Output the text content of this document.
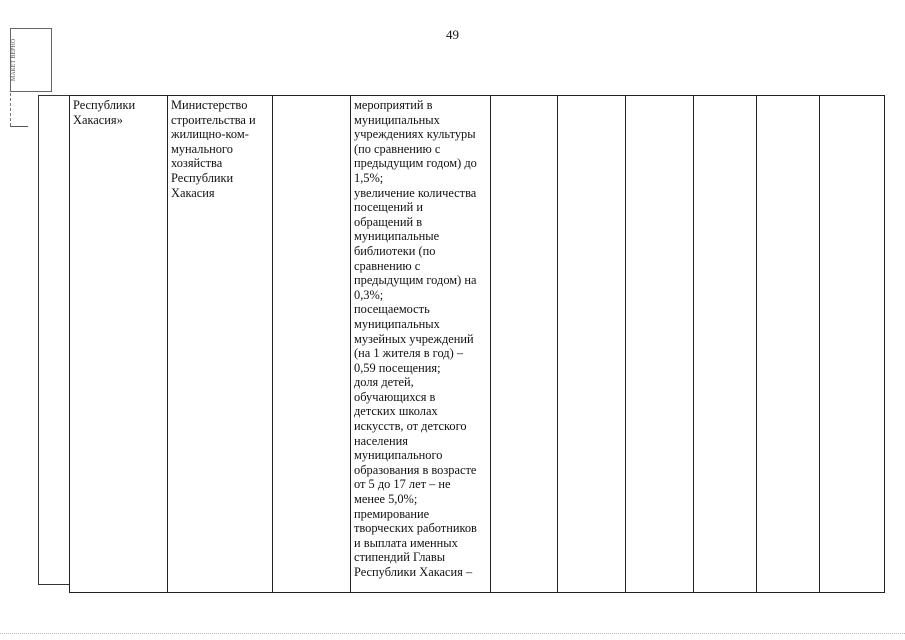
49
МАКЕТ ВЕРНО
Республики
Хакасия»	Министерство
строительства и
жилищно-ком-
мунального
хозяйства
Республики
Хакасия		мероприятий в
муниципальных
учреждениях культуры
(по сравнению с
предыдущим годом) до
1,5%;
увеличение количества
посещений и
обращений в
муниципальные
библиотеки (по
сравнению с
предыдущим годом) на
0,3%;
посещаемость
муниципальных
музейных учреждений
(на 1 жителя в год) –
0,59 посещения;
доля детей,
обучающихся в
детских школах
искусств, от детского
населения
муниципального
образования в возрасте
от 5 до 17 лет – не
менее 5,0%;
премирование
творческих работников
и выплата именных
стипендий Главы
Республики Хакасия –						
